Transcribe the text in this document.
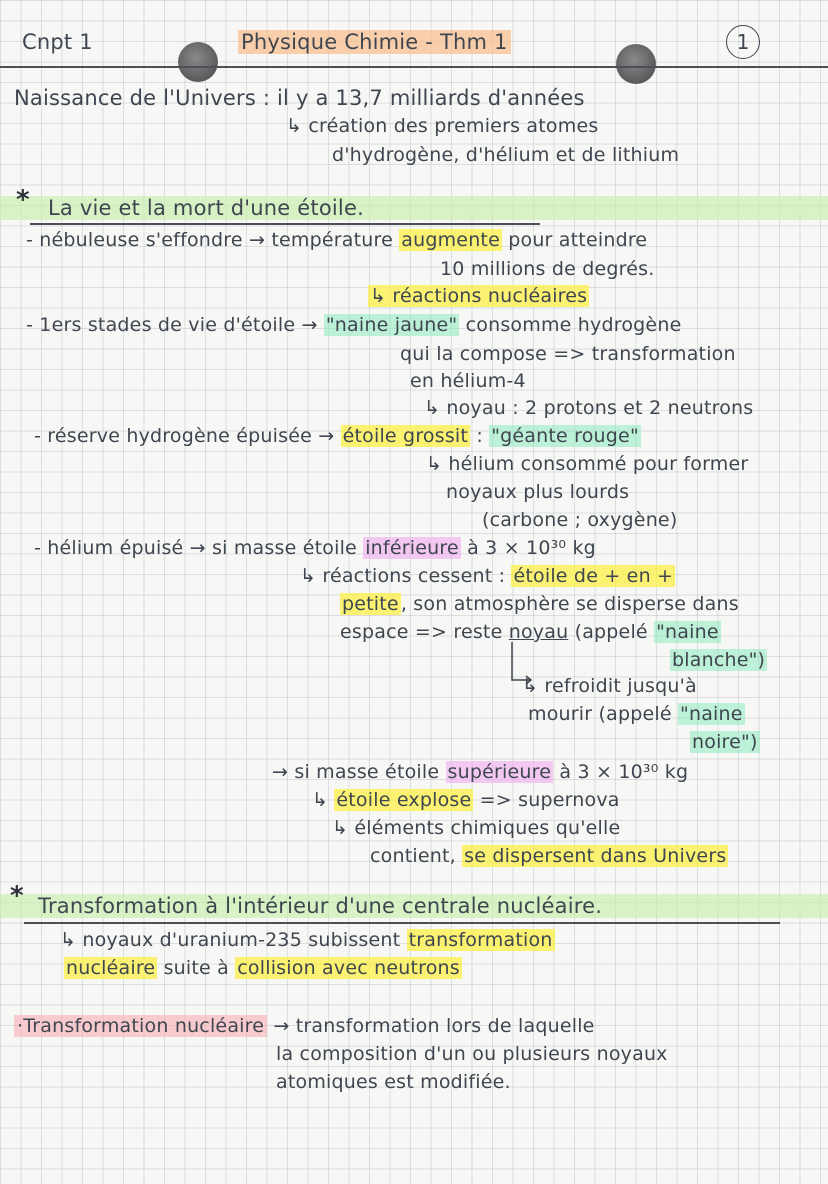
Cnpt 1	Physique Chimie - Thm 1	1
Naissance de l'Univers : il y a 13,7 milliards d'années
↳ création des premiers atomes
d'hydrogène, d'hélium et de lithium
* La vie et la mort d'une étoile.
- nébuleuse s'effondre → température augmente pour atteindre
10 millions de degrés.
↳ réactions nucléaires
- 1ers stades de vie d'étoile → "naine jaune" consomme hydrogène
qui la compose => transformation
en hélium-4
↳ noyau : 2 protons et 2 neutrons
- réserve hydrogène épuisée → étoile grossit : "géante rouge"
↳ hélium consommé pour former
noyaux plus lourds
(carbone ; oxygène)
- hélium épuisé → si masse étoile inférieure à 3 × 10³⁰ kg
↳ réactions cessent : étoile de + en +
petite , son atmosphère se disperse dans
espace => reste noyau (appelé "naine
blanche")
↳ refroidit jusqu'à
mourir (appelé "naine
noire")
→ si masse étoile supérieure à 3 × 10³⁰ kg
↳ étoile explose => supernova
↳ éléments chimiques qu'elle
contient, se dispersent dans Univers
* Transformation à l'intérieur d'une centrale nucléaire.
↳ noyaux d'uranium-235 subissent transformation
nucléaire suite à collision avec neutrons
·Transformation nucléaire → transformation lors de laquelle
la composition d'un ou plusieurs noyaux
atomiques est modifiée.
